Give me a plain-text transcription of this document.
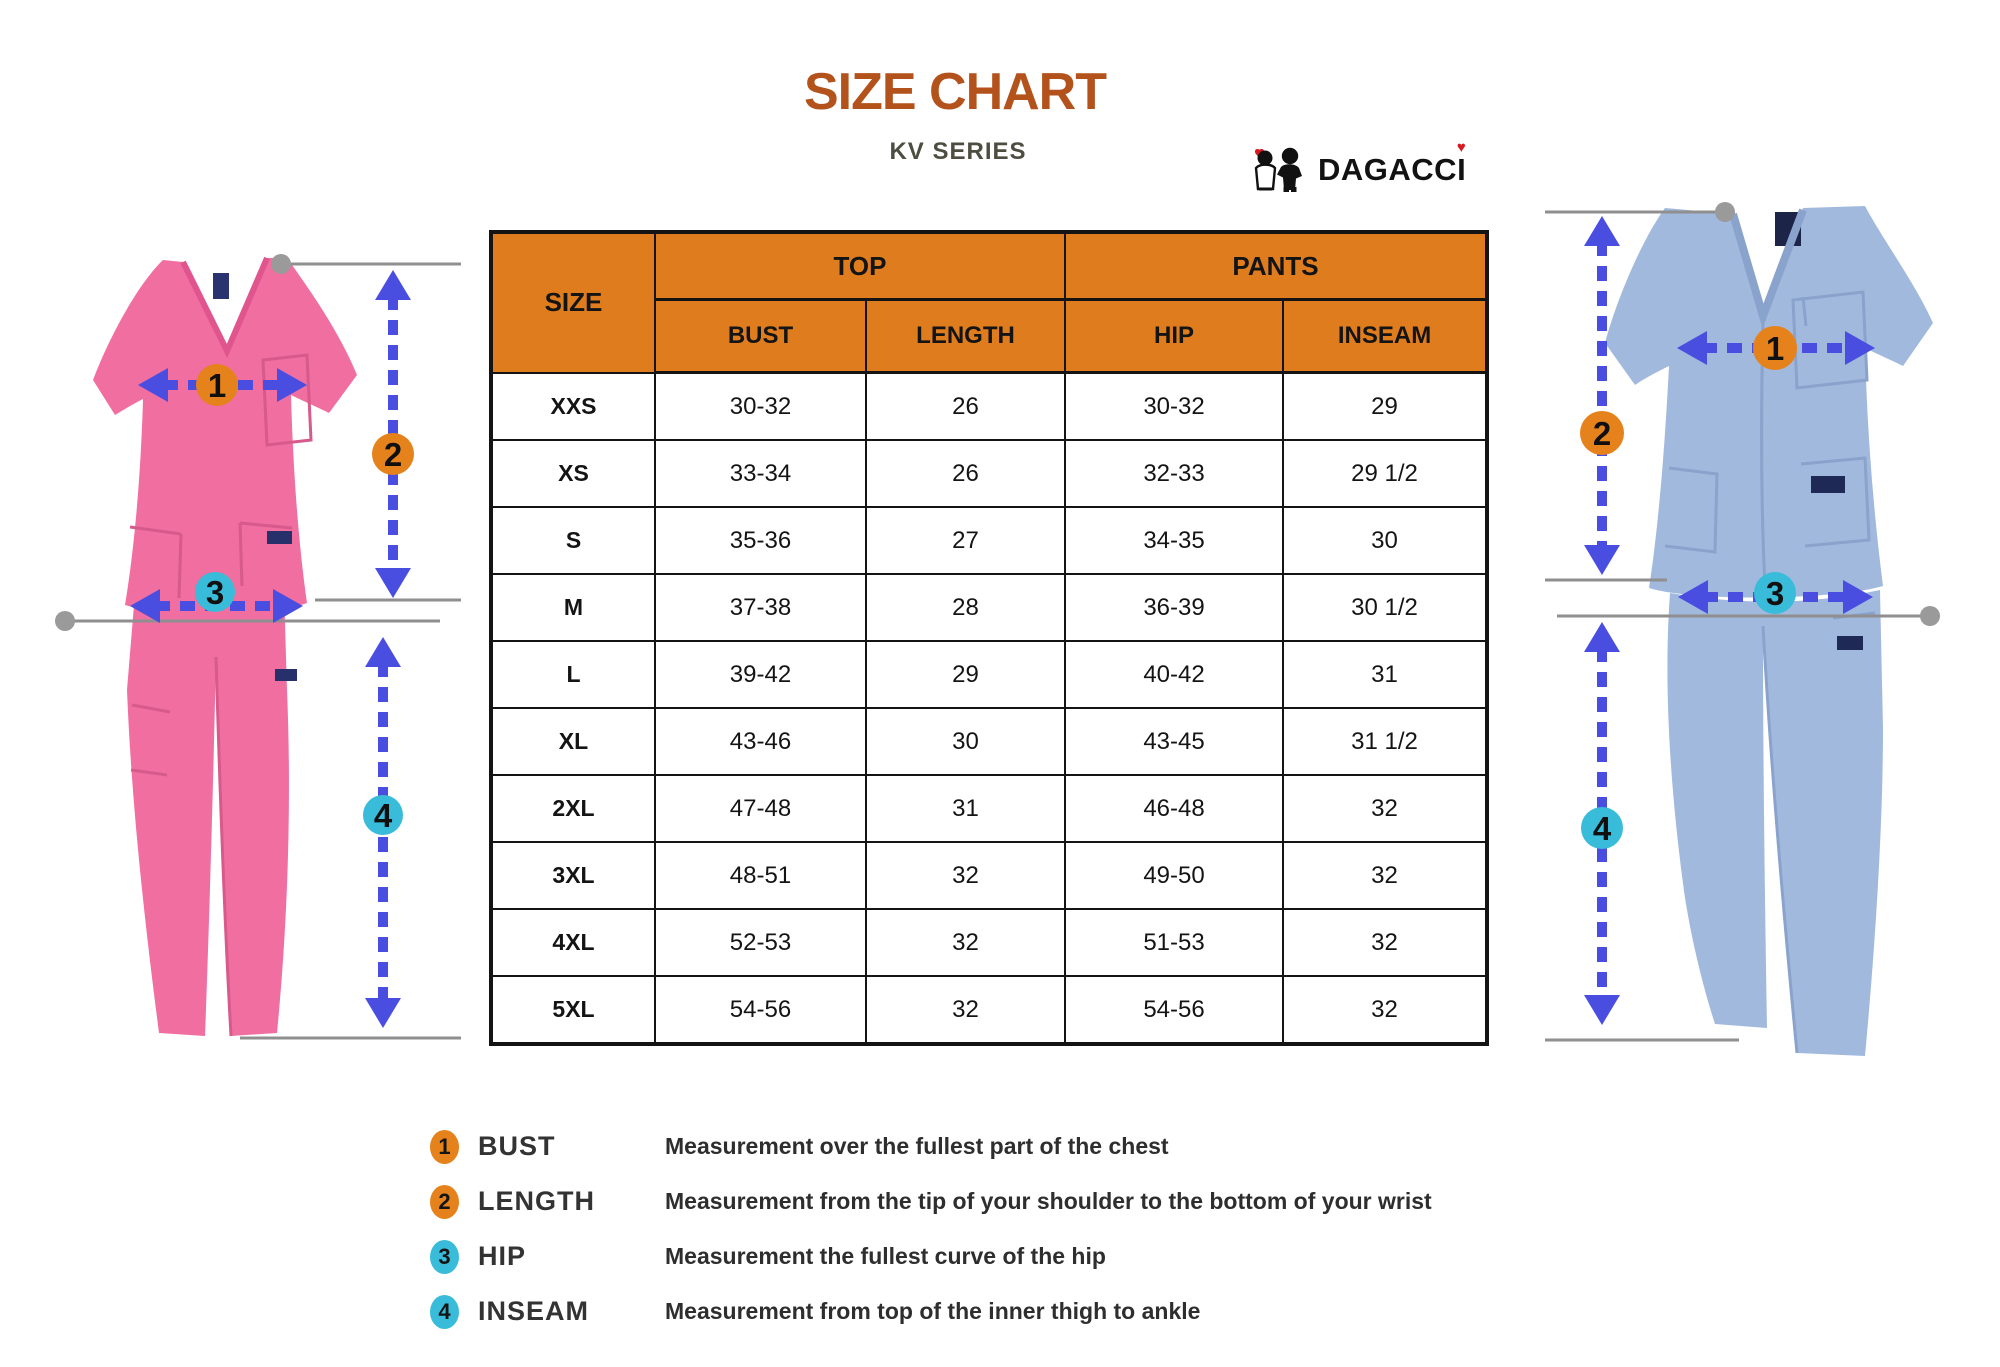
SIZE CHART
KV SERIES	DAGACC
♥
I
SIZE	TOP		PANTS	
	BUST	LENGTH	HIP	INSEAM
XXS	30-32	26	30-32	29
XS	33-34	26	32-33	29 1/2
S	35-36	27	34-35	30
M	37-38	28	36-39	30 1/2
L	39-42	29	40-42	31
XL	43-46	30	43-45	31 1/2
2XL	47-48	31	46-48	32
3XL	48-51	32	49-50	32
4XL	52-53	32	51-53	32
5XL	54-56	32	54-56	32
1
2
3
4
1
2
3
4
1	BUST	Measurement over the fullest part of the chest
2	LENGTH	Measurement from the tip of your shoulder to the bottom of your wrist
3	HIP	Measurement the fullest curve of the hip
4	INSEAM	Measurement from top of the inner thigh to ankle
